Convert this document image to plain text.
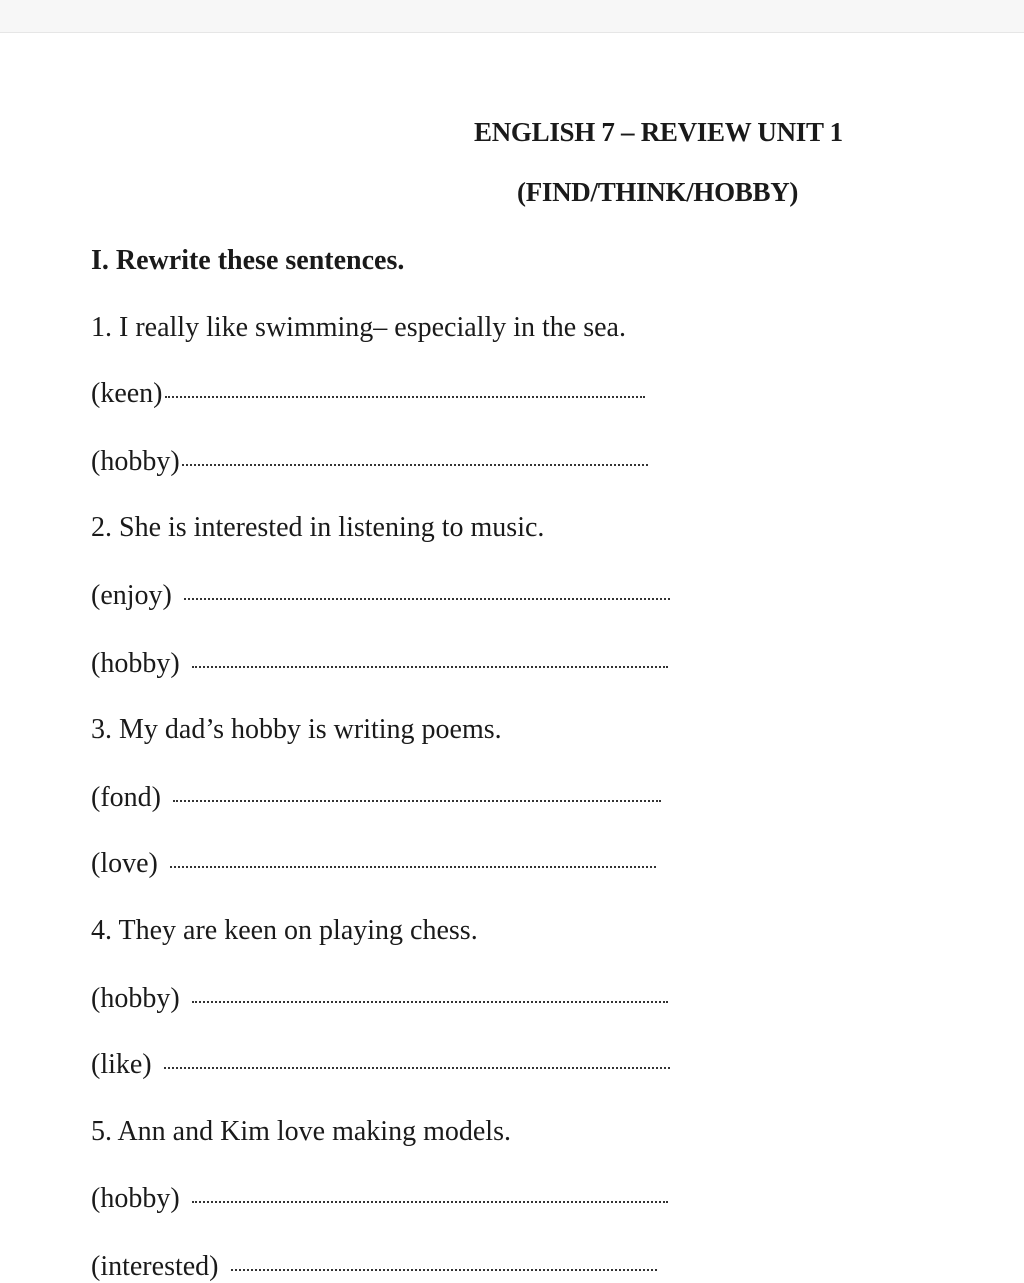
ENGLISH 7 – REVIEW UNIT 1
(FIND/THINK/HOBBY)
I. Rewrite these sentences.
1. I really like swimming– especially in the sea.
(keen)
(hobby)
2. She is interested in listening to music.
(enjoy)
(hobby)
3. My dad’s hobby is writing poems.
(fond)
(love)
4. They are keen on playing chess.
(hobby)
(like)
5. Ann and Kim love making models.
(hobby)
(interested)
